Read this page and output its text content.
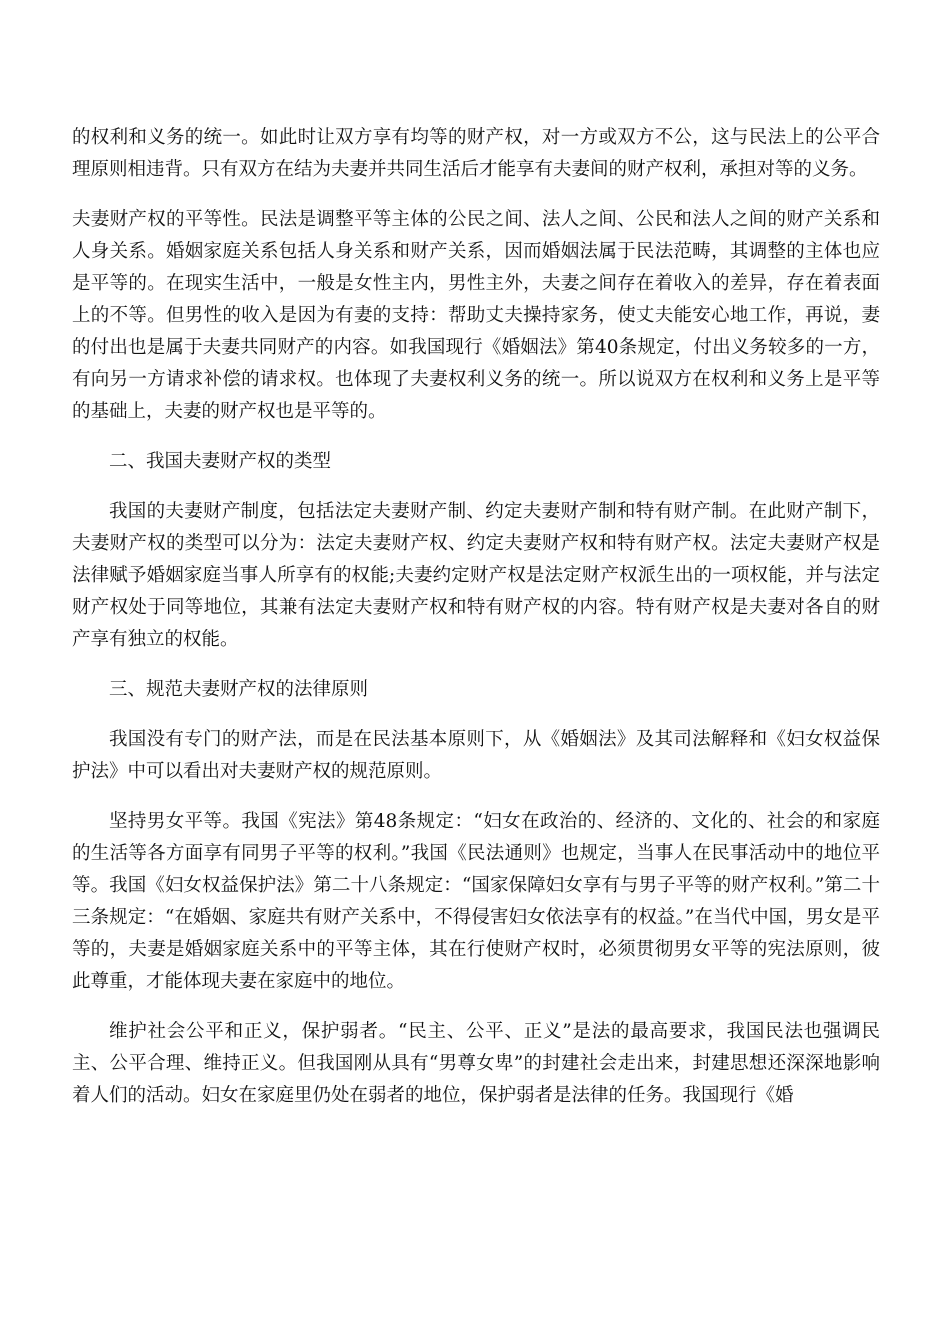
的权利和义务的统一。如此时让双方享有均等的财产权，对一方或双方不公，这与民法上的公平合理原则相违背。只有双方在结为夫妻并共同生活后才能享有夫妻间的财产权利，承担对等的义务。

夫妻财产权的平等性。民法是调整平等主体的公民之间、法人之间、公民和法人之间的财产关系和人身关系。婚姻家庭关系包括人身关系和财产关系，因而婚姻法属于民法范畴，其调整的主体也应是平等的。在现实生活中，一般是女性主内，男性主外，夫妻之间存在着收入的差异，存在着表面上的不等。但男性的收入是因为有妻的支持：帮助丈夫操持家务，使丈夫能安心地工作，再说，妻的付出也是属于夫妻共同财产的内容。如我国现行《婚姻法》第40条规定，付出义务较多的一方，有向另一方请求补偿的请求权。也体现了夫妻权利义务的统一。所以说双方在权利和义务上是平等的基础上，夫妻的财产权也是平等的。

二、我国夫妻财产权的类型

我国的夫妻财产制度，包括法定夫妻财产制、约定夫妻财产制和特有财产制。在此财产制下，夫妻财产权的类型可以分为：法定夫妻财产权、约定夫妻财产权和特有财产权。法定夫妻财产权是法律赋予婚姻家庭当事人所享有的权能;夫妻约定财产权是法定财产权派生出的一项权能，并与法定财产权处于同等地位，其兼有法定夫妻财产权和特有财产权的内容。特有财产权是夫妻对各自的财产享有独立的权能。

三、规范夫妻财产权的法律原则

我国没有专门的财产法，而是在民法基本原则下，从《婚姻法》及其司法解释和《妇女权益保护法》中可以看出对夫妻财产权的规范原则。

坚持男女平等。我国《宪法》第48条规定：“妇女在政治的、经济的、文化的、社会的和家庭的生活等各方面享有同男子平等的权利。”我国《民法通则》也规定，当事人在民事活动中的地位平等。我国《妇女权益保护法》第二十八条规定：“国家保障妇女享有与男子平等的财产权利。”第二十三条规定：“在婚姻、家庭共有财产关系中，不得侵害妇女依法享有的权益。”在当代中国，男女是平等的，夫妻是婚姻家庭关系中的平等主体，其在行使财产权时，必须贯彻男女平等的宪法原则，彼此尊重，才能体现夫妻在家庭中的地位。

维护社会公平和正义，保护弱者。“民主、公平、正义”是法的最高要求，我国民法也强调民主、公平合理、维持正义。但我国刚从具有“男尊女卑”的封建社会走出来，封建思想还深深地影响着人们的活动。妇女在家庭里仍处在弱者的地位，保护弱者是法律的任务。我国现行《婚
